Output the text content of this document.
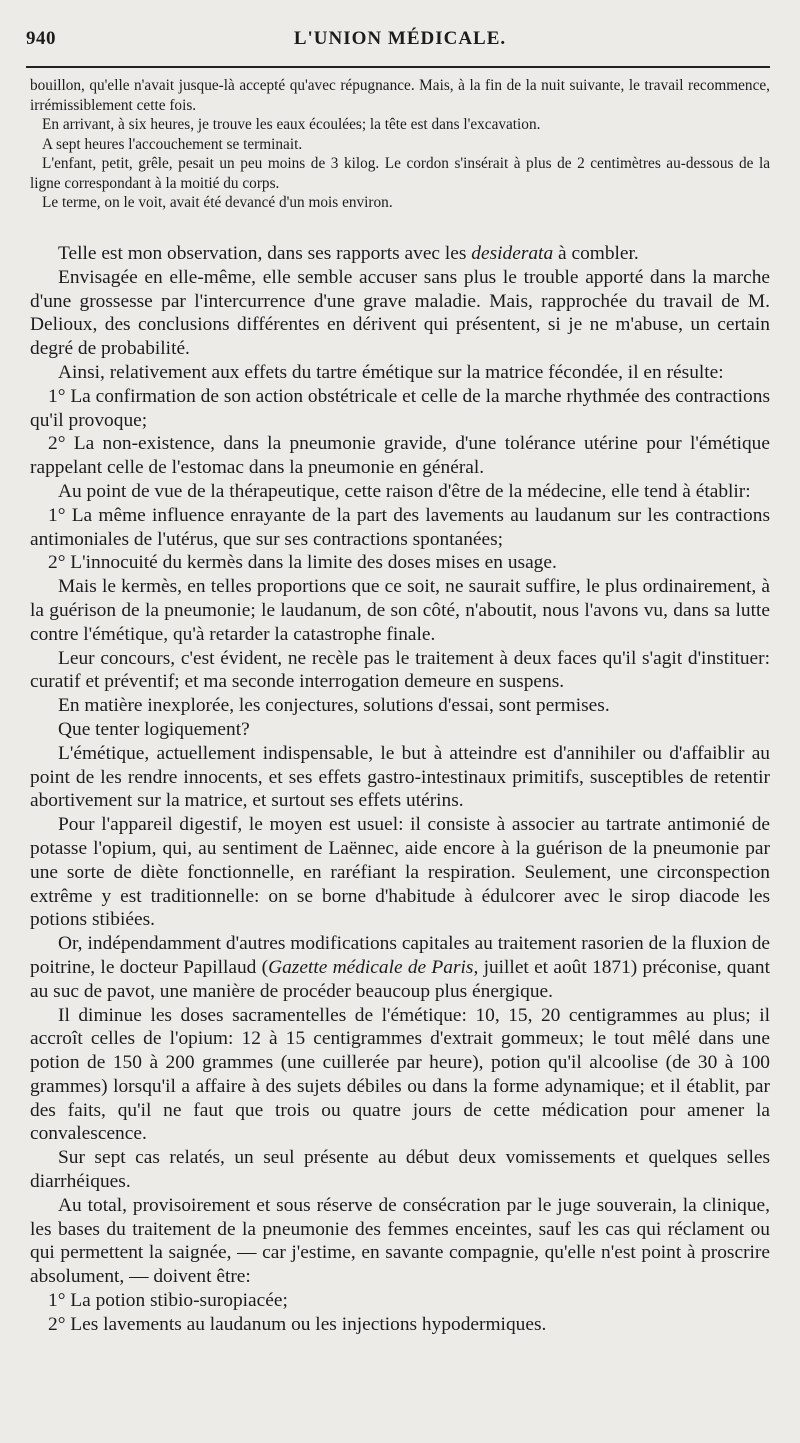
940	L'UNION MÉDICALE.

bouillon, qu'elle n'avait jusque-là accepté qu'avec répugnance. Mais, à la fin de la nuit suivante, le travail recommence, irrémissiblement cette fois.

En arrivant, à six heures, je trouve les eaux écoulées; la tête est dans l'excavation.

A sept heures l'accouchement se terminait.

L'enfant, petit, grêle, pesait un peu moins de 3 kilog. Le cordon s'insérait à plus de 2 centimètres au-dessous de la ligne correspondant à la moitié du corps.

Le terme, on le voit, avait été devancé d'un mois environ.

Telle est mon observation, dans ses rapports avec les desiderata à combler.

Envisagée en elle-même, elle semble accuser sans plus le trouble apporté dans la marche d'une grossesse par l'intercurrence d'une grave maladie. Mais, rapprochée du travail de M. Delioux, des conclusions différentes en dérivent qui présentent, si je ne m'abuse, un certain degré de probabilité.

Ainsi, relativement aux effets du tartre émétique sur la matrice fécondée, il en résulte:

1° La confirmation de son action obstétricale et celle de la marche rhythmée des contractions qu'il provoque;

2° La non-existence, dans la pneumonie gravide, d'une tolérance utérine pour l'émétique rappelant celle de l'estomac dans la pneumonie en général.

Au point de vue de la thérapeutique, cette raison d'être de la médecine, elle tend à établir:

1° La même influence enrayante de la part des lavements au laudanum sur les contractions antimoniales de l'utérus, que sur ses contractions spontanées;

2° L'innocuité du kermès dans la limite des doses mises en usage.

Mais le kermès, en telles proportions que ce soit, ne saurait suffire, le plus ordinairement, à la guérison de la pneumonie; le laudanum, de son côté, n'aboutit, nous l'avons vu, dans sa lutte contre l'émétique, qu'à retarder la catastrophe finale.

Leur concours, c'est évident, ne recèle pas le traitement à deux faces qu'il s'agit d'instituer: curatif et préventif; et ma seconde interrogation demeure en suspens.

En matière inexplorée, les conjectures, solutions d'essai, sont permises.

Que tenter logiquement?

L'émétique, actuellement indispensable, le but à atteindre est d'annihiler ou d'affaiblir au point de les rendre innocents, et ses effets gastro-intestinaux primitifs, susceptibles de retentir abortivement sur la matrice, et surtout ses effets utérins.

Pour l'appareil digestif, le moyen est usuel: il consiste à associer au tartrate antimonié de potasse l'opium, qui, au sentiment de Laënnec, aide encore à la guérison de la pneumonie par une sorte de diète fonctionnelle, en raréfiant la respiration. Seulement, une circonspection extrême y est traditionnelle: on se borne d'habitude à édulcorer avec le sirop diacode les potions stibiées.

Or, indépendamment d'autres modifications capitales au traitement rasorien de la fluxion de poitrine, le docteur Papillaud (Gazette médicale de Paris, juillet et août 1871) préconise, quant au suc de pavot, une manière de procéder beaucoup plus énergique.

Il diminue les doses sacramentelles de l'émétique: 10, 15, 20 centigrammes au plus; il accroît celles de l'opium: 12 à 15 centigrammes d'extrait gommeux; le tout mêlé dans une potion de 150 à 200 grammes (une cuillerée par heure), potion qu'il alcoolise (de 30 à 100 grammes) lorsqu'il a affaire à des sujets débiles ou dans la forme adynamique; et il établit, par des faits, qu'il ne faut que trois ou quatre jours de cette médication pour amener la convalescence.

Sur sept cas relatés, un seul présente au début deux vomissements et quelques selles diarrhéiques.

Au total, provisoirement et sous réserve de consécration par le juge souverain, la clinique, les bases du traitement de la pneumonie des femmes enceintes, sauf les cas qui réclament ou qui permettent la saignée, — car j'estime, en savante compagnie, qu'elle n'est point à proscrire absolument, — doivent être:

1° La potion stibio-suropiacée;

2° Les lavements au laudanum ou les injections hypodermiques.
